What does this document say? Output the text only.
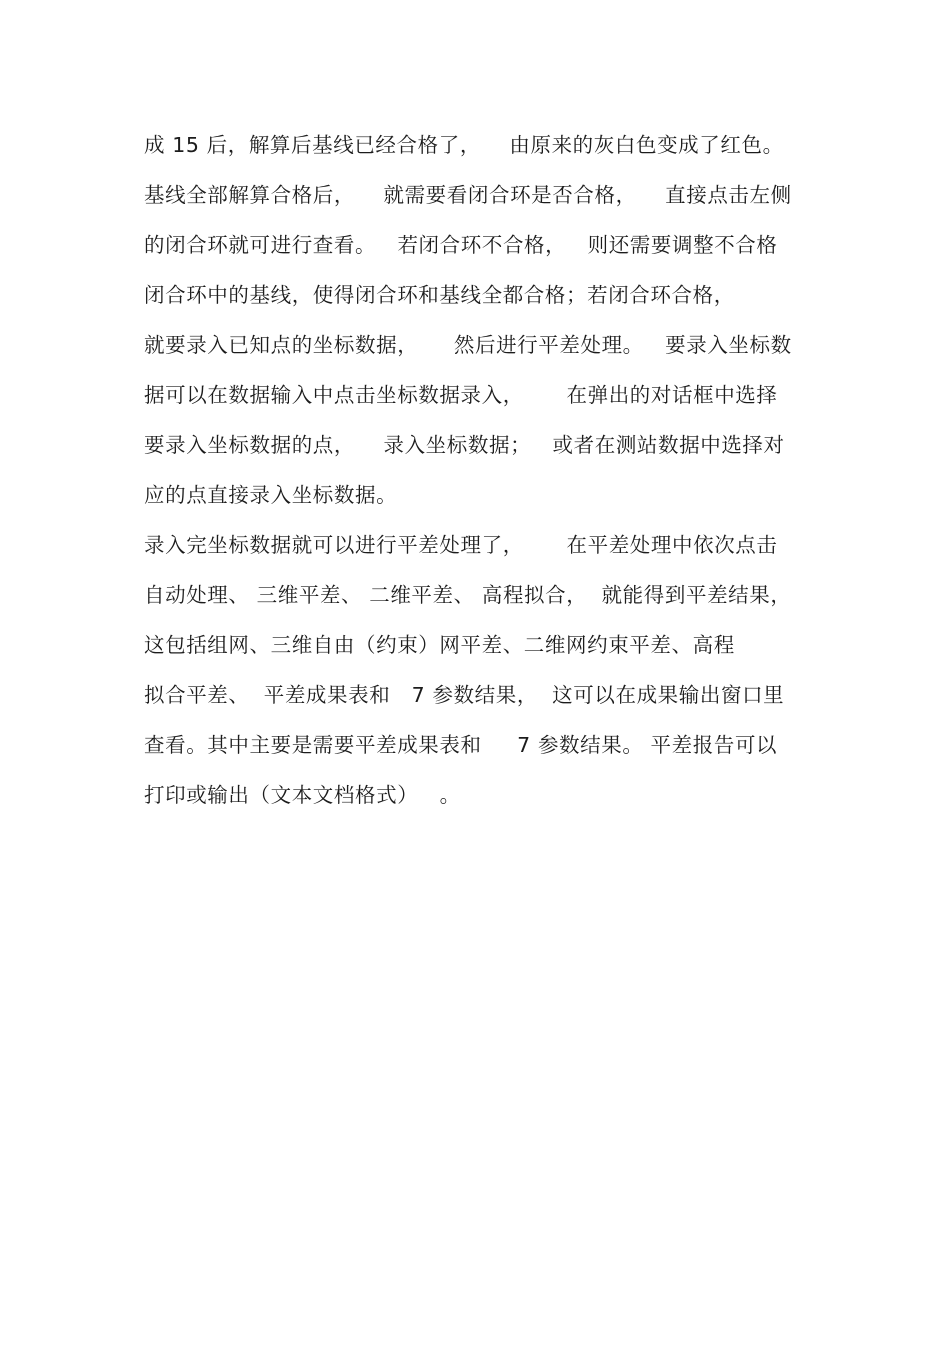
成 15 后，解算后基线已经合格了，    由原来的灰白色变成了红色。
基线全部解算合格后，    就需要看闭合环是否合格，    直接点击左侧
的闭合环就可进行查看。   若闭合环不合格，   则还需要调整不合格
闭合环中的基线，使得闭合环和基线全都合格；若闭合环合格，
就要录入已知点的坐标数据，     然后进行平差处理。   要录入坐标数
据可以在数据输入中点击坐标数据录入，      在弹出的对话框中选择
要录入坐标数据的点，    录入坐标数据；   或者在测站数据中选择对
应的点直接录入坐标数据。
录入完坐标数据就可以进行平差处理了，      在平差处理中依次点击
自动处理、 三维平差、 二维平差、 高程拟合，  就能得到平差结果，
这包括组网、三维自由（约束）网平差、二维网约束平差、高程
拟合平差、  平差成果表和   7 参数结果，  这可以在成果输出窗口里
查看。其中主要是需要平差成果表和     7 参数结果。 平差报告可以
打印或输出（文本文档格式）   。
